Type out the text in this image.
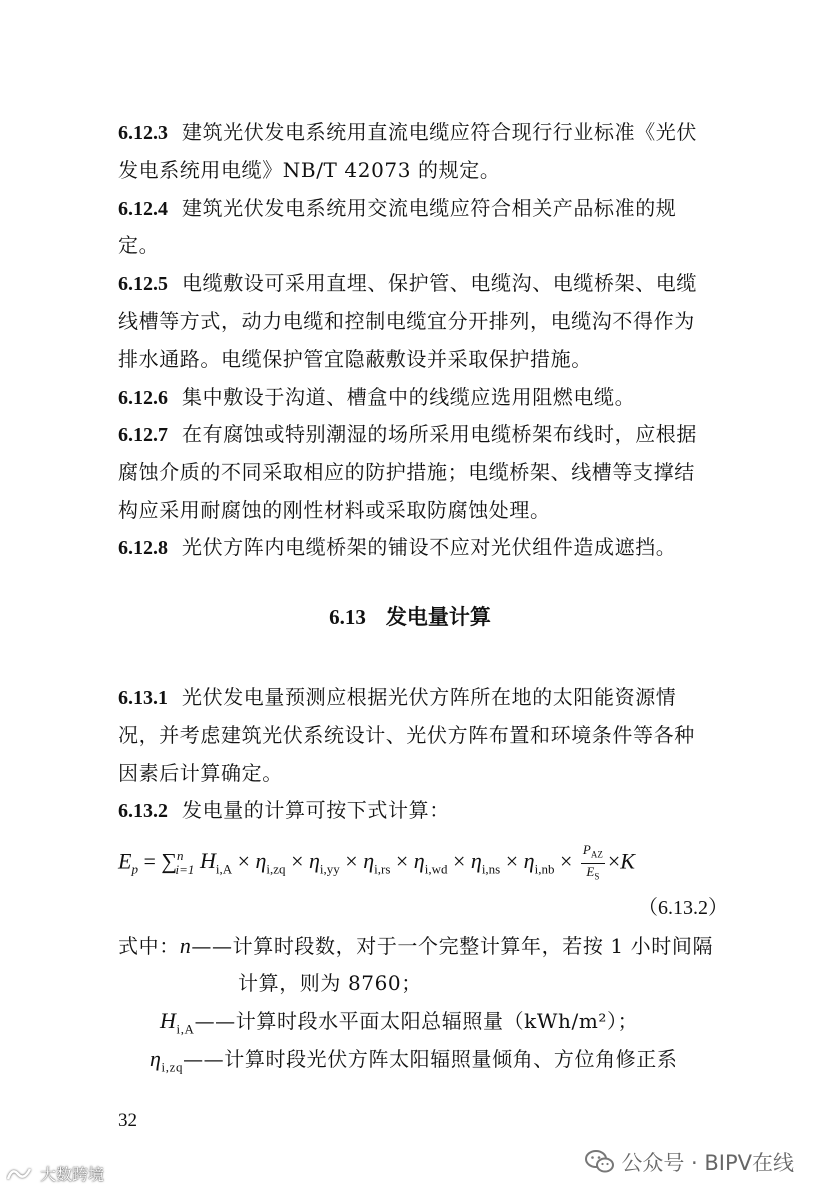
6.12.3 建筑光伏发电系统用直流电缆应符合现行行业标准《光伏
发电系统用电缆》NB/T 42073 的规定。
6.12.4 建筑光伏发电系统用交流电缆应符合相关产品标准的规
定。
6.12.5 电缆敷设可采用直埋、保护管、电缆沟、电缆桥架、电缆
线槽等方式，动力电缆和控制电缆宜分开排列，电缆沟不得作为
排水通路。电缆保护管宜隐蔽敷设并采取保护措施。
6.12.6 集中敷设于沟道、槽盒中的线缆应选用阻燃电缆。
6.12.7 在有腐蚀或特别潮湿的场所采用电缆桥架布线时，应根据
腐蚀介质的不同采取相应的防护措施；电缆桥架、线槽等支撑结
构应采用耐腐蚀的刚性材料或采取防腐蚀处理。
6.12.8 光伏方阵内电缆桥架的铺设不应对光伏组件造成遮挡。
6.13 发电量计算
6.13.1 光伏发电量预测应根据光伏方阵所在地的太阳能资源情
况，并考虑建筑光伏系统设计、光伏方阵布置和环境条件等各种
因素后计算确定。
6.13.2 发电量的计算可按下式计算：
$E_p = \sum^n_{i=1}$ $H_{i,A} \times \eta_{i,zq} \times \eta_{i,yy} \times \eta_{i,rs} \times \eta_{i,wd} \times \eta_{i,ns} \times \eta_{i,nb} \times \frac{P_{AZ}}{E_S} \times K$
（6.13.2）
式中：n——计算时段数，对于一个完整计算年，若按 1 小时间隔
计算，则为 8760；
$H_{i,A}——$计算时段水平面太阳总辐照量（kWh/m²）；
$\eta_{i,zq}——$计算时段光伏方阵太阳辐照量倾角、方位角修正系
32
大数跨境	公众号 · BIPV在线
